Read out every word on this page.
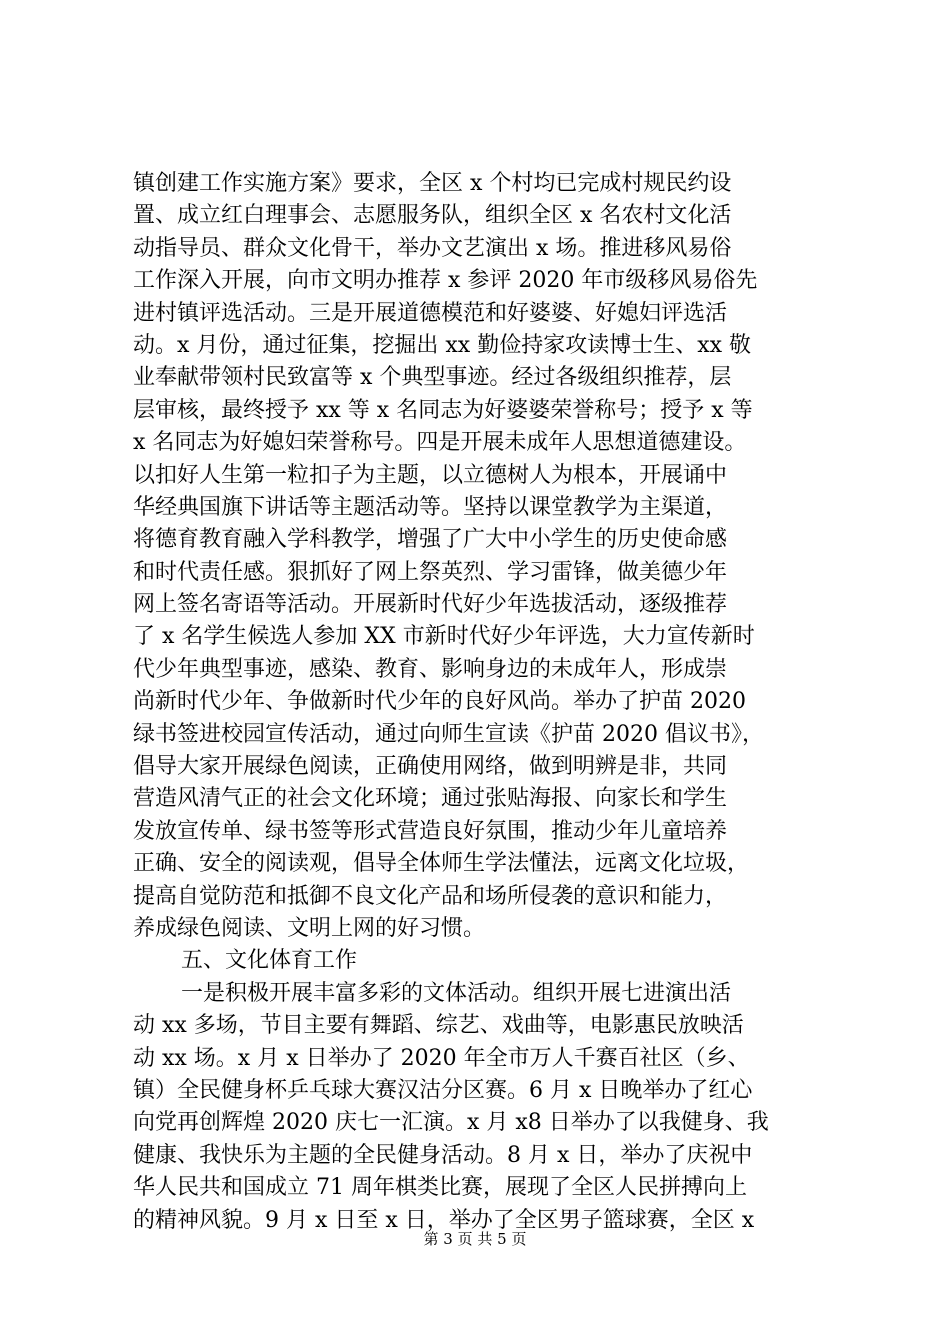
镇创建工作实施方案》要求，全区 x 个村均已完成村规民约设
置、成立红白理事会、志愿服务队，组织全区 x 名农村文化活
动指导员、群众文化骨干，举办文艺演出 x 场。推进移风易俗
工作深入开展，向市文明办推荐 x 参评 2020 年市级移风易俗先
进村镇评选活动。三是开展道德模范和好婆婆、好媳妇评选活
动。x 月份，通过征集，挖掘出 xx 勤俭持家攻读博士生、xx 敬
业奉献带领村民致富等 x 个典型事迹。经过各级组织推荐，层
层审核，最终授予 xx 等 x 名同志为好婆婆荣誉称号；授予 x 等
x 名同志为好媳妇荣誉称号。四是开展未成年人思想道德建设。
以扣好人生第一粒扣子为主题，以立德树人为根本，开展诵中
华经典国旗下讲话等主题活动等。坚持以课堂教学为主渠道，
将德育教育融入学科教学，增强了广大中小学生的历史使命感
和时代责任感。狠抓好了网上祭英烈、学习雷锋，做美德少年
网上签名寄语等活动。开展新时代好少年选拔活动，逐级推荐
了 x 名学生候选人参加 XX 市新时代好少年评选，大力宣传新时
代少年典型事迹，感染、教育、影响身边的未成年人，形成崇
尚新时代少年、争做新时代少年的良好风尚。举办了护苗 2020
绿书签进校园宣传活动，通过向师生宣读《护苗 2020 倡议书》，
倡导大家开展绿色阅读，正确使用网络，做到明辨是非，共同
营造风清气正的社会文化环境；通过张贴海报、向家长和学生
发放宣传单、绿书签等形式营造良好氛围，推动少年儿童培养
正确、安全的阅读观，倡导全体师生学法懂法，远离文化垃圾，
提高自觉防范和抵御不良文化产品和场所侵袭的意识和能力，
养成绿色阅读、文明上网的好习惯。
五、文化体育工作
一是积极开展丰富多彩的文体活动。组织开展七进演出活
动 xx 多场，节目主要有舞蹈、综艺、戏曲等，电影惠民放映活
动 xx 场。x 月 x 日举办了 2020 年全市万人千赛百社区（乡、
镇）全民健身杯乒乓球大赛汉沽分区赛。6 月 x 日晚举办了红心
向党再创辉煌 2020 庆七一汇演。x 月 x8 日举办了以我健身、我
健康、我快乐为主题的全民健身活动。8 月 x 日，举办了庆祝中
华人民共和国成立 71 周年棋类比赛，展现了全区人民拼搏向上
的精神风貌。9 月 x 日至 x 日，举办了全区男子篮球赛，全区 x
第 3 页 共 5 页
